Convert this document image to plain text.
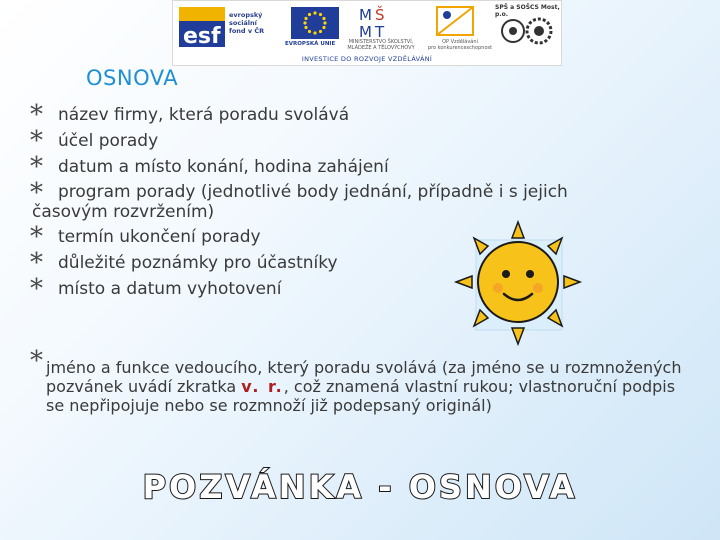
esf
evropský
sociální
fond v ČR
EVROPSKÁ UNIE
M Š
M T
MINISTERSTVO ŠKOLSTVÍ,
MLÁDEŽE A TĚLOVÝCHOVY
OP Vzdělávání
pro konkurenceschopnost
SPŠ a SOŠCS Most, p.o.
INVESTICE DO ROZVOJE VZDĚLÁVÁNÍ
OSNOVA
* název firmy, která poradu svolává
* účel porady
* datum a místo konání, hodina zahájení
* program porady (jednotlivé body jednání, případně i s jejich
časovým rozvržením)
* termín ukončení porady
* důležité poznámky pro účastníky
* místo a datum vyhotovení
* jméno a funkce vedoucího, který poradu svolává (za jméno se u rozmnožených pozvánek uvádí zkratka v. r., což znamená vlastní rukou; vlastnoruční podpis se nepřipojuje nebo se rozmnoží již podepsaný originál)
POZVÁNKA - OSNOVA
